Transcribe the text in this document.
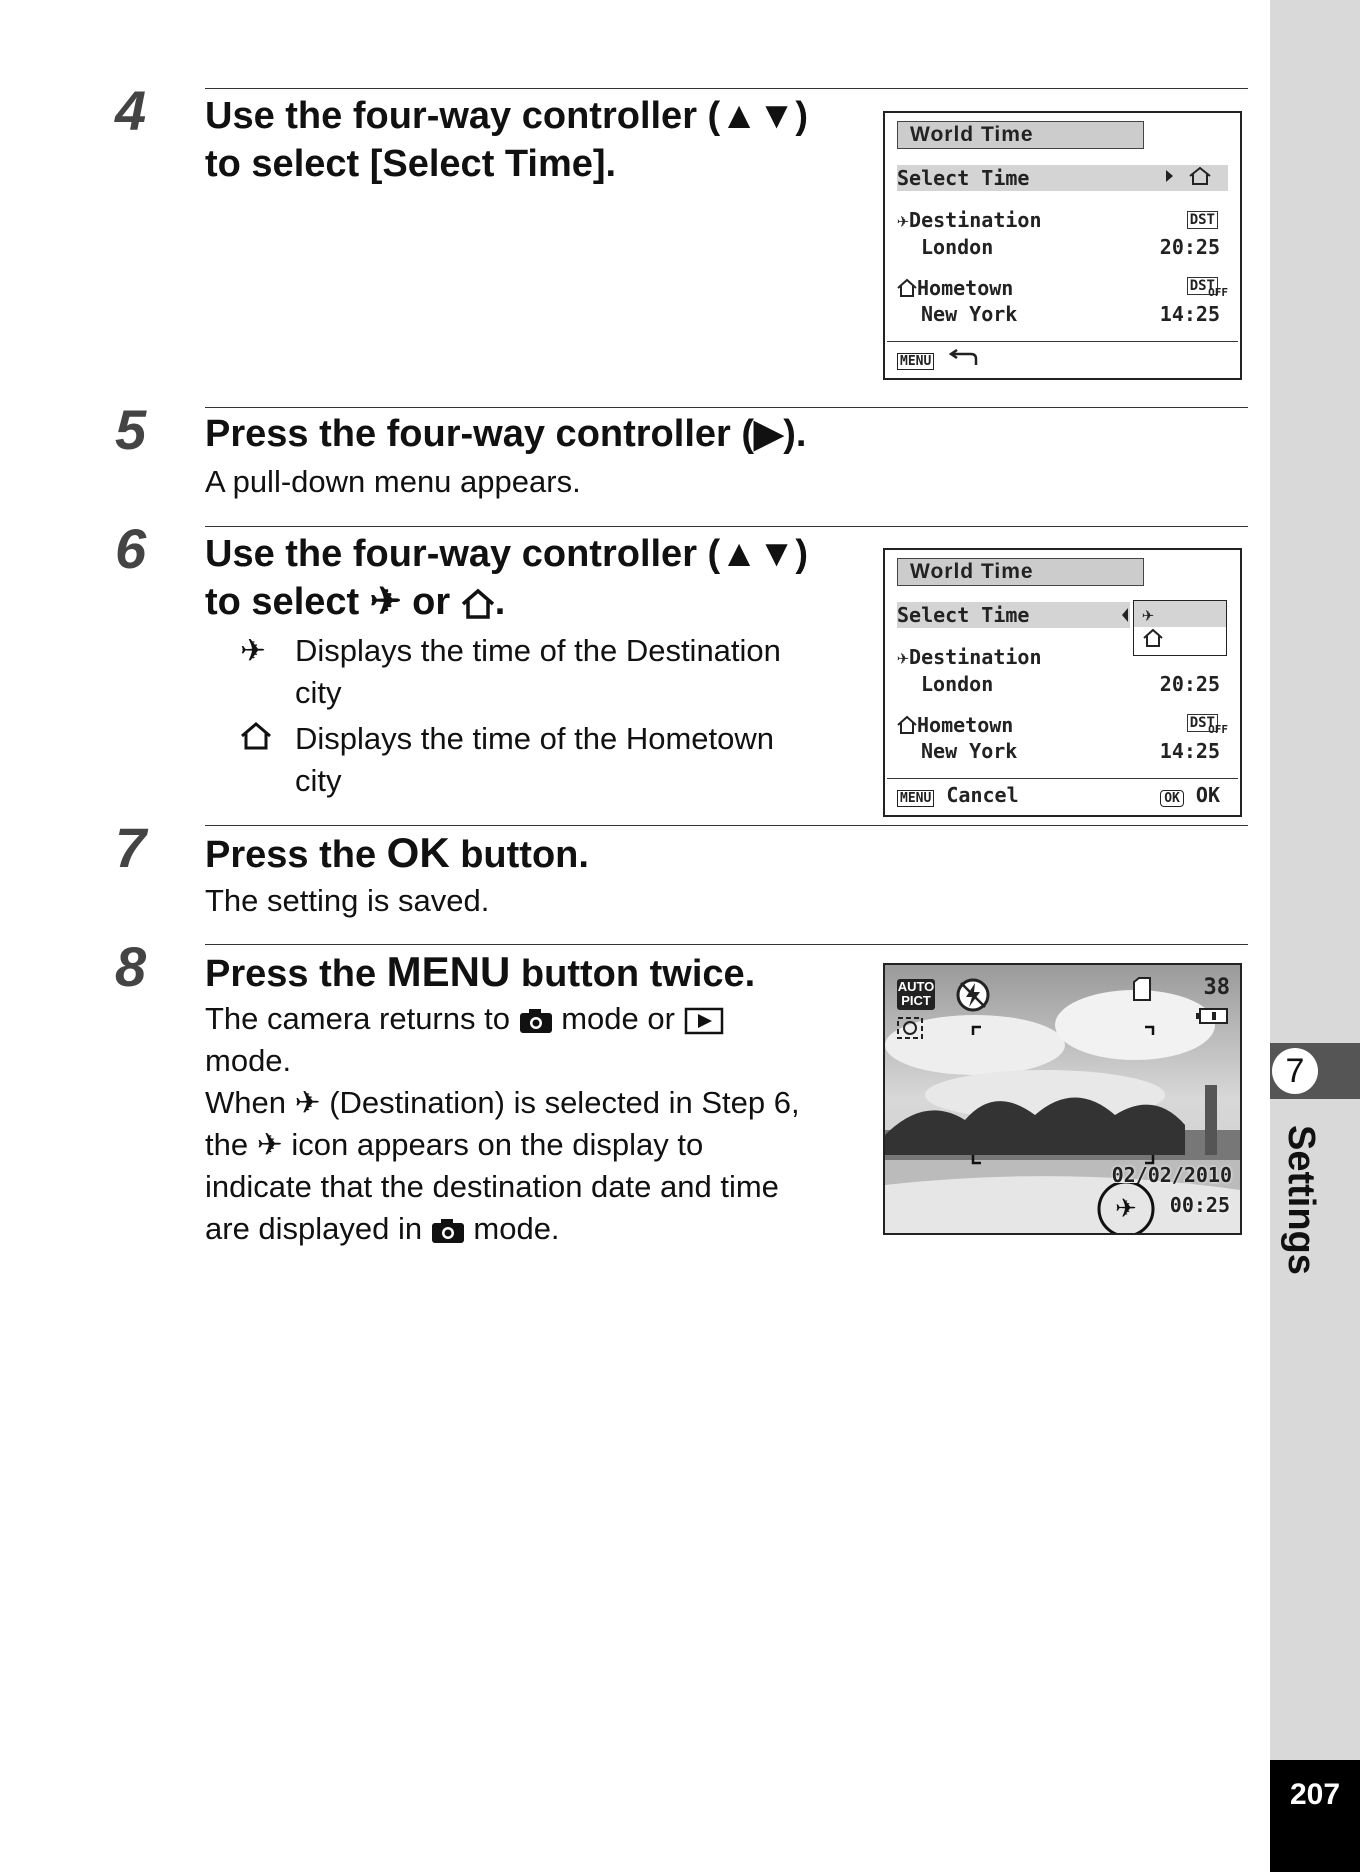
7
Settings
207
4 Use the four-way controller (▲▼)
to select [Select Time].
World Time
Select Time
✈Destination	DST
London	20:25
Hometown	DST
OFF
New York	14:25
MENU
5 Press the four-way controller (▶).
A pull-down menu appears.
6 Use the four-way controller (▲▼)
to select ✈ or .
✈ Displays the time of the Destination
city
Displays the time of the Hometown
city
World Time
Select Time	✈
✈Destination
London	20:25
Hometown	DST
OFF
New York	14:25
MENU Cancel	OK OK
7 Press the OK button.
The setting is saved.
8 Press the MENU button twice.
The camera returns to mode or
mode.
When ✈ (Destination) is selected in Step 6,
the ✈ icon appears on the display to
indicate that the destination date and time
are displayed in mode.
AUTO
PICT
38
02/02/2010
✈ 00:25
